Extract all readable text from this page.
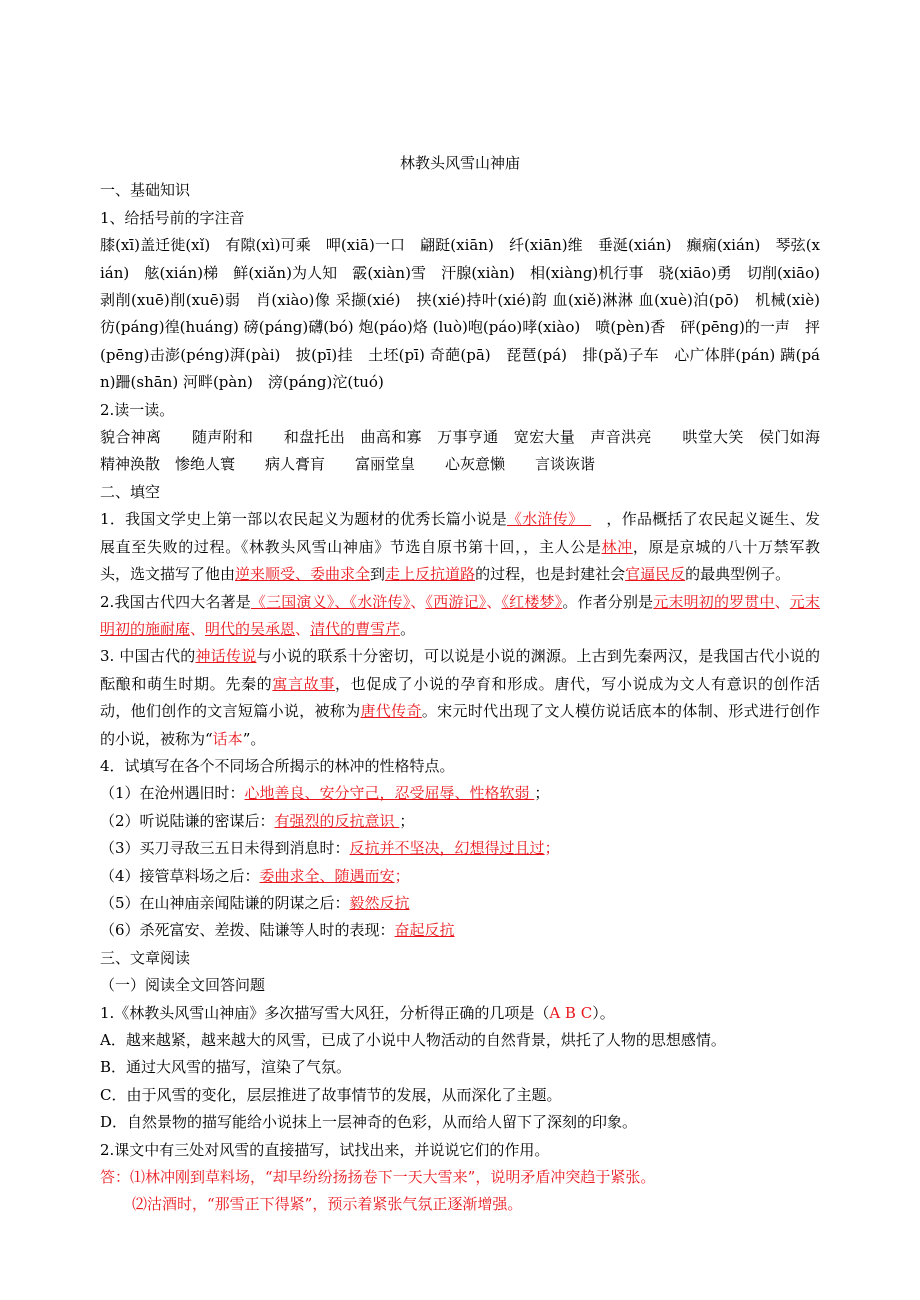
林教头风雪山神庙

一、基础知识

1、给括号前的字注音

膝(xī)盖迁徙(xǐ)　有隙(xì)可乘　呷(xiā)一口　翩跹(xiān)　纤(xiān)维　垂涎(xián)　癫痫(xián)　琴弦(xián)　舷(xián)梯　鲜(xiǎn)为人知　霰(xiàn)雪　汗腺(xiàn)　相(xiàng)机行事　骁(xiāo)勇　切削(xiāo)剥削(xuē)削(xuē)弱　肖(xiào)像 采撷(xié)　挟(xié)持叶(xié)韵 血(xiě)淋淋 血(xuè)泊(pō)　机械(xiè) 彷(páng)徨(huáng) 磅(páng)礴(bó) 炮(páo)烙 (luò)咆(páo)哮(xiào)　喷(pèn)香　砰(pēng)的一声　抨(pēng)击澎(péng)湃(pài)　披(pī)挂　土坯(pī) 奇葩(pā)　琵琶(pá)　排(pǎ)子车　心广体胖(pán) 蹒(pán)跚(shān) 河畔(pàn)　滂(páng)沱(tuó)

2.读一读。

貌合神离　　随声附和　　和盘托出　曲高和寡　万事亨通　宽宏大量　声音洪亮　　哄堂大笑　侯门如海　精神涣散　惨绝人寰　　病人膏肓　　富丽堂皇　　心灰意懒　　言谈诙谐

二、填空

1．我国文学史上第一部以农民起义为题材的优秀长篇小说是《水浒传》　　，作品概括了农民起义诞生、发展直至失败的过程。《林教头风雪山神庙》节选自原书第十回，，主人公是林冲，原是京城的八十万禁军教头，选文描写了他由逆来顺受、委曲求全到走上反抗道路的过程，也是封建社会官逼民反的最典型例子。

2.我国古代四大名著是《三国演义》、《水浒传》、《西游记》、《红楼梦》。作者分别是元末明初的罗贯中、元末明初的施耐庵、明代的吴承恩、清代的曹雪芹。

3. 中国古代的神话传说与小说的联系十分密切，可以说是小说的渊源。上古到先秦两汉，是我国古代小说的酝酿和萌生时期。先秦的寓言故事，也促成了小说的孕育和形成。唐代，写小说成为文人有意识的创作活动，他们创作的文言短篇小说，被称为唐代传奇。宋元时代出现了文人模仿说话底本的体制、形式进行创作的小说，被称为“话本”。

4．试填写在各个不同场合所揭示的林冲的性格特点。

（1）在沧州遇旧时：心地善良、安分守己，忍受屈辱、性格软弱 ；

（2）听说陆谦的密谋后：有强烈的反抗意识 ；

（3）买刀寻敌三五日未得到消息时：反抗并不坚决，幻想得过且过；

（4）接管草料场之后：委曲求全、随遇而安；

（5）在山神庙亲闻陆谦的阴谋之后：毅然反抗

（6）杀死富安、差拨、陆谦等人时的表现：奋起反抗

三、文章阅读

（一）阅读全文回答问题

1.《林教头风雪山神庙》多次描写雪大风狂，分析得正确的几项是（A B C）。

A．越来越紧，越来越大的风雪，已成了小说中人物活动的自然背景，烘托了人物的思想感情。

B．通过大风雪的描写，渲染了气氛。

C．由于风雪的变化，层层推进了故事情节的发展，从而深化了主题。

D．自然景物的描写能给小说抹上一层神奇的色彩，从而给人留下了深刻的印象。

2.课文中有三处对风雪的直接描写，试找出来，并说说它们的作用。

答：⑴林冲刚到草料场，“却早纷纷扬扬卷下一天大雪来”，说明矛盾冲突趋于紧张。

⑵沽酒时，“那雪正下得紧”，预示着紧张气氛正逐渐增强。
